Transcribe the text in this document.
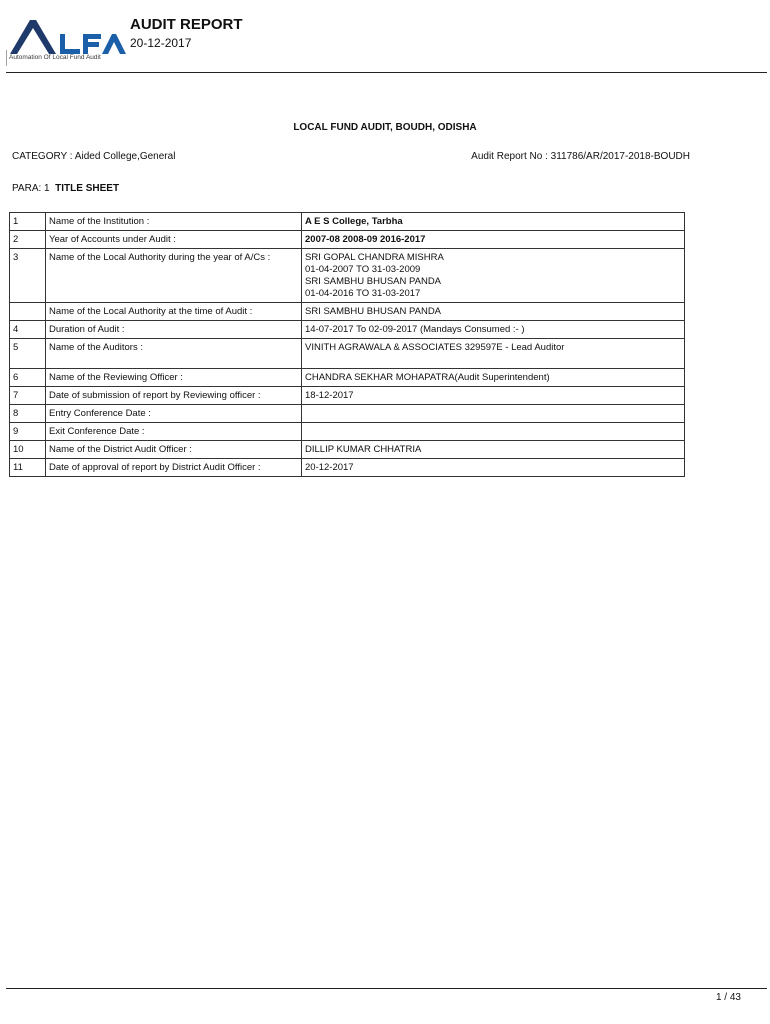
Automation Of Local Fund Audit
AUDIT REPORT
20-12-2017
LOCAL FUND AUDIT, BOUDH, ODISHA
CATEGORY : Aided College,General	Audit Report No : 311786/AR/2017-2018-BOUDH
PARA: 1 TITLE SHEET
1	Name of the Institution :	A E S College, Tarbha
2	Year of Accounts under Audit :	2007-08 2008-09 2016-2017
3	Name of the Local Authority during the year of A/Cs :	SRI GOPAL CHANDRA MISHRA
01-04-2007 TO 31-03-2009
SRI SAMBHU BHUSAN PANDA
01-04-2016 TO 31-03-2017

	Name of the Local Authority at the time of Audit :	SRI SAMBHU BHUSAN PANDA
4	Duration of Audit :	14-07-2017 To 02-09-2017 (Mandays Consumed :- )
5	Name of the Auditors :	VINITH AGRAWALA & ASSOCIATES 329597E - Lead Auditor
6	Name of the Reviewing Officer :	CHANDRA SEKHAR MOHAPATRA(Audit Superintendent)
7	Date of submission of report by Reviewing officer :	18-12-2017
8	Entry Conference Date :	
9	Exit Conference Date :	
10	Name of the District Audit Officer :	DILLIP KUMAR CHHATRIA
11	Date of approval of report by District Audit Officer :	20-12-2017
1 / 43
